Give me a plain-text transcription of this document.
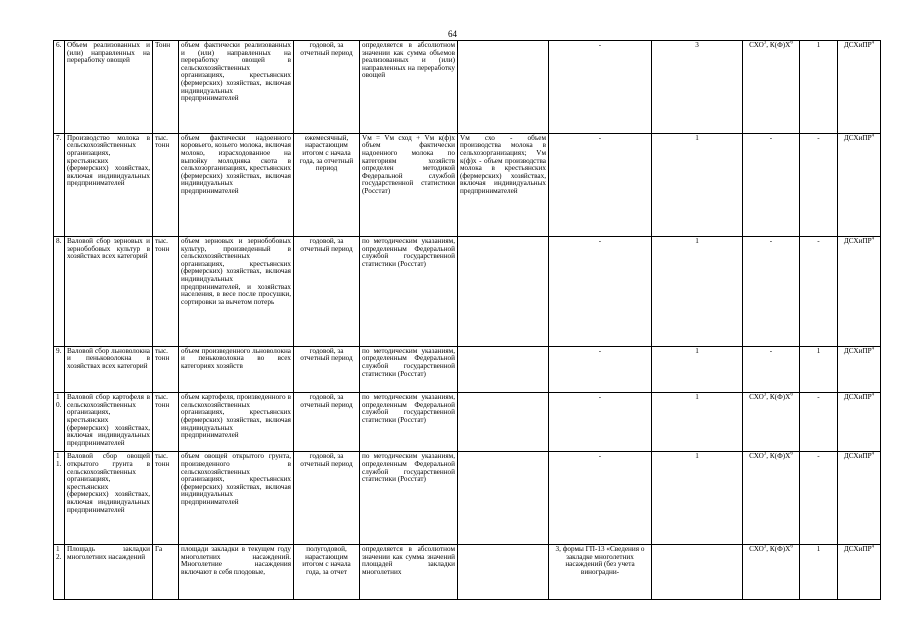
64
6.	Объем реализованных и (или) направленных на переработку овощей	Тонн	объем фактически реализованных и (или) направленных на переработку овощей в сельскохозяйственных организациях, крестьянских (фермерских) хозяйствах, включая индивидуальных предпринимателей	годовой, за отчетный период	определяется в абсолютном значении как сумма объемов реализованных и (или) направленных на переработку овощей		-	3	СХО$^3$, $К(Ф)Х^6$	1	ДСХиПР$^4$
7.	Производство молока в сельскохозяйственных организациях, крестьянских (фермерских) хозяйствах, включая индивидуальных предпринимателей	тыс. тонн	объем фактически надоенного коровьего, козьего молока, включая молоко, израсходованное на выпойку молодняка скота в сельхозорганизациях, крестьянских (фермерских) хозяйствах, включая индивидуальных предпринимателей	ежемесячный, нарастающим итогом с начала года, за отчетный период	Vм = Vм сход + Vм к(ф)х объем фактически надоенного молока по категориям хозяйств определен методикой Федеральной службой государственной статистики (Росстат)	Vм схо - объем производства молока в сельхозорганизациях; Vм к(ф)х - объем производства молока в крестьянских (фермерских) хозяйствах, включая индивидуальных предпринимателей	-	1	-	-	ДСХиПР$^4$
8.	Валовой сбор зерновых и зернобобовых культур в хозяйствах всех категорий	тыс. тонн	объем зерновых и зернобобовых культур, произведенный в сельскохозяйственных организациях, крестьянских (фермерских) хозяйствах, включая индивидуальных предпринимателей, и хозяйствах населения, в весе после просушки, сортировки за вычетом потерь	годовой, за отчетный период	по методическим указаниям, определенным Федеральной службой государственной статистики (Росстат)		-	1	-	-	ДСХиПР$^4$
9.	Валовой сбор льноволокна и пеньковолокна в хозяйствах всех категорий	тыс. тонн	объем произведенного льноволокна и пеньковолокна во всех категориях хозяйств	годовой, за отчетный период	по методическим указаниям, определенным Федеральной службой государственной статистики (Росстат)		-	1	-	1	ДСХиПР$^4$
10.	Валовой сбор картофеля в сельскохозяйственных организациях, крестьянских (фермерских) хозяйствах, включая индивидуальных предпринимателей	тыс. тонн	объем картофеля, произведенного в сельскохозяйственных организациях, крестьянских (фермерских) хозяйствах, включая индивидуальных предпринимателей	годовой, за отчетный период	по методическим указаниям, определенным Федеральной службой государственной статистики (Росстат)		-	1	СХО$^3$, $К(Ф)Х^6$	-	ДСХиПР$^4$
11.	Валовой сбор овощей открытого грунта в сельскохозяйственных организациях, крестьянских (фермерских) хозяйствах, включая индивидуальных предпринимателей	тыс. тонн	объем овощей открытого грунта, произведенного в сельскохозяйственных организациях, крестьянских (фермерских) хозяйствах, включая индивидуальных предпринимателей	годовой, за отчетный период	по методическим указаниям, определенным Федеральной службой государственной статистики (Росстат)		-	1	СХО$^3$, $К(Ф)Х^6$	-	ДСХиПР$^4$
12.	Площадь закладки многолетних насаждений	Га	площади закладки в текущем году многолетних насаждений. Многолетние насаждения включают в себя плодовые,	полугодовой, нарастающим итогом с начала года, за отчет	определяется в абсолютном значении как сумма значений площадей закладки многолетних		3, формы ГП-13 «Сведения о закладке многолетних насаждений (без учета виноградни-		СХО$^3$, $К(Ф)Х^6$	1	ДСХиПР$^4$
